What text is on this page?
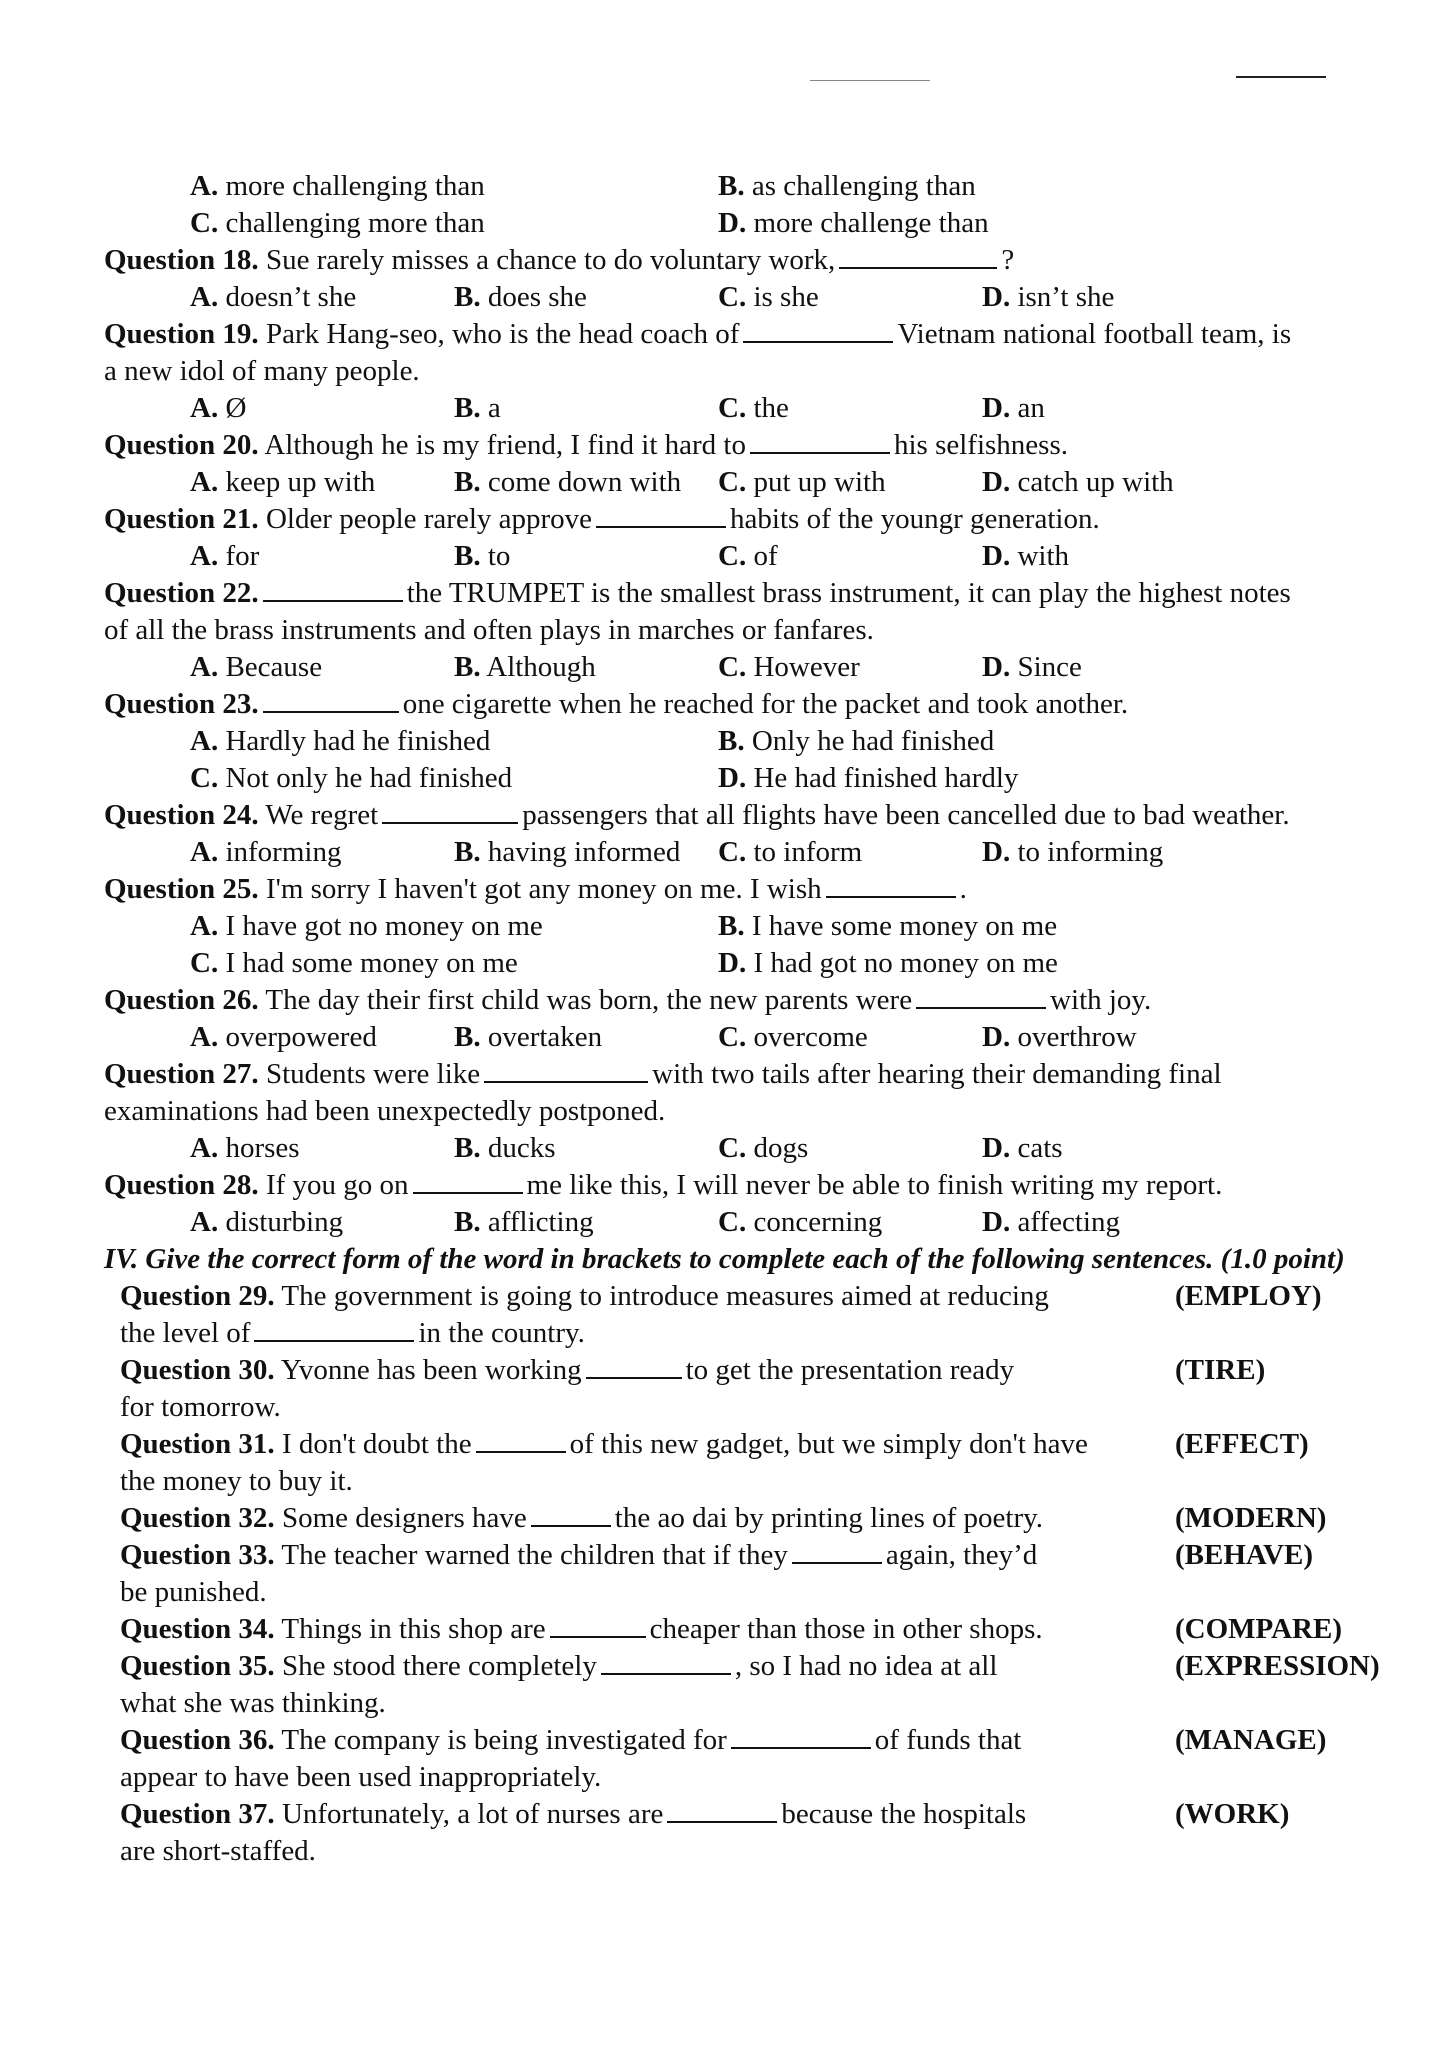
A. more challenging than	B. as challenging than
C. challenging more than	D. more challenge than
Question 18. Sue rarely misses a chance to do voluntary work,	?
A. doesn’t she	B. does she	C. is she	D. isn’t she
Question 19. Park Hang-seo, who is the head coach of	Vietnam national football team, is
a new idol of many people.
A. Ø	B. a	C. the	D. an
Question 20. Although he is my friend, I find it hard to	his selfishness.
A. keep up with	B. come down with	C. put up with	D. catch up with
Question 21. Older people rarely approve	habits of the youngr generation.
A. for	B. to	C. of	D. with
Question 22.	the TRUMPET is the smallest brass instrument, it can play the highest notes
of all the brass instruments and often plays in marches or fanfares.
A. Because	B. Although	C. However	D. Since
Question 23.	one cigarette when he reached for the packet and took another.
A. Hardly had he finished	B. Only he had finished
C. Not only he had finished	D. He had finished hardly
Question 24. We regret	passengers that all flights have been cancelled due to bad weather.
A. informing	B. having informed	C. to inform	D. to informing
Question 25. I'm sorry I haven't got any money on me. I wish	.
A. I have got no money on me	B. I have some money on me
C. I had some money on me	D. I had got no money on me
Question 26. The day their first child was born, the new parents were	with joy.
A. overpowered	B. overtaken	C. overcome	D. overthrow
Question 27. Students were like	with two tails after hearing their demanding final
examinations had been unexpectedly postponed.
A. horses	B. ducks	C. dogs	D. cats
Question 28. If you go on	me like this, I will never be able to finish writing my report.
A. disturbing	B. afflicting	C. concerning	D. affecting
IV. Give the correct form of the word in brackets to complete each of the following sentences. (1.0 point)
Question 29. The government is going to introduce measures aimed at reducing	(EMPLOY)
the level of	in the country.
Question 30. Yvonne has been working	to get the presentation ready	(TIRE)
for tomorrow.
Question 31. I don't doubt the	of this new gadget, but we simply don't have	(EFFECT)
the money to buy it.
Question 32. Some designers have	the ao dai by printing lines of poetry.	(MODERN)
Question 33. The teacher warned the children that if they	again, they’d	(BEHAVE)
be punished.
Question 34. Things in this shop are	cheaper than those in other shops.	(COMPARE)
Question 35. She stood there completely	, so I had no idea at all	(EXPRESSION)
what she was thinking.
Question 36. The company is being investigated for	of funds that	(MANAGE)
appear to have been used inappropriately.
Question 37. Unfortunately, a lot of nurses are	because the hospitals	(WORK)
are short-staffed.
